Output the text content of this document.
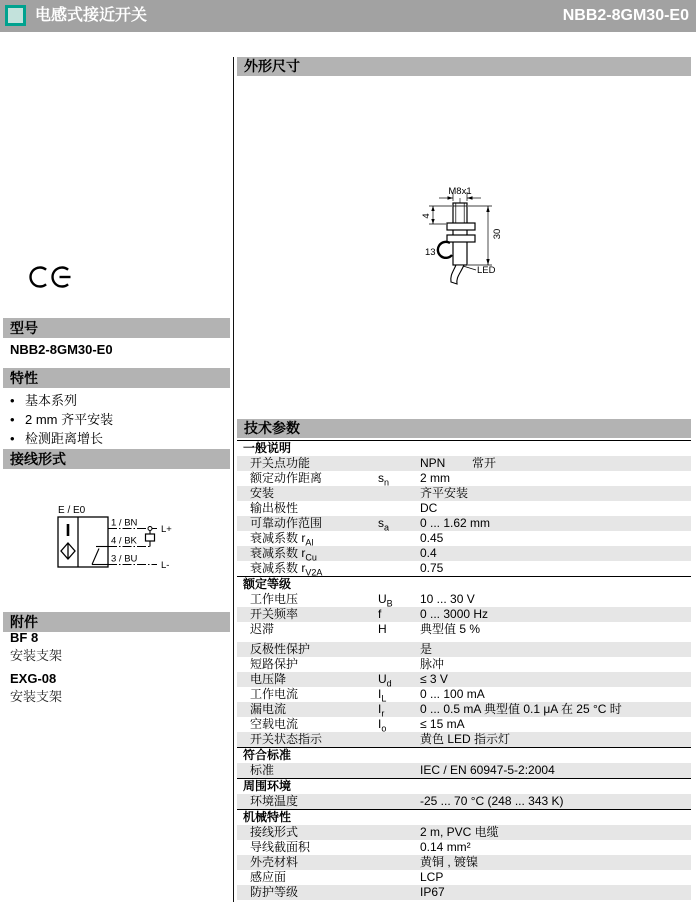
电感式接近开关	NBB2-8GM30-E0
型号
NBB2-8GM30-E0
特性
• 基本系列
• 2 mm 齐平安装
• 检测距离增长
接线形式
E / E0
1 / BN
4 / BK
3 / BU
L+
L-
附件
BF 8
安装支架
EXG-08
安装支架
外形尺寸
M8x1
4
30
13
LED
技术参数
一般说明
开关点功能	NPN 常开
额定动作距离	$s_n$	2 mm
安装	齐平安装
输出极性	DC
可靠动作范围	$s_a$	0 ... 1.62 mm
衰减系数 $r_{Al}$	0.45
衰减系数 $r_{Cu}$	0.4
衰减系数 $r_{V2A}$	0.75
额定等级
工作电压	$U_B$	10 ... 30 V
开关频率	f	0 ... 3000 Hz
迟滞	H	典型值 5 %
反极性保护	是
短路保护	脉冲
电压降	$U_d$	≤ 3 V
工作电流	$I_L$	0 ... 100 mA
漏电流	$I_r$	0 ... 0.5 mA 典型值 0.1 μA 在 25 °C 时
空载电流	$I_o$	≤ 15 mA
开关状态指示	黄色 LED 指示灯
符合标准
标准	IEC / EN 60947-5-2:2004
周围环境
环境温度	-25 ... 70 °C (248 ... 343 K)
机械特性
接线形式	2 m, PVC 电缆
导线截面积	0.14 mm²
外壳材料	黄铜 , 镀镍
感应面	LCP
防护等级	IP67
